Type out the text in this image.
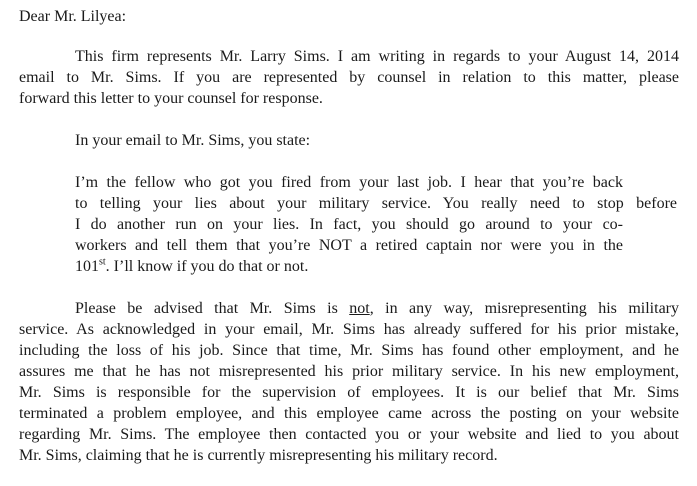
Dear Mr. Lilyea:
This firm represents Mr. Larry Sims. I am writing in regards to your August 14, 2014
email to Mr. Sims. If you are represented by counsel in relation to this matter, please
forward this letter to your counsel for response.
In your email to Mr. Sims, you state:
I’m the fellow who got you fired from your last job. I hear that you’re back
to telling your lies about your military service. You really need to stop before
I do another run on your lies. In fact, you should go around to your co-
workers and tell them that you’re NOT a retired captain nor were you in the
101st. I’ll know if you do that or not.
Please be advised that Mr. Sims is not, in any way, misrepresenting his military
service. As acknowledged in your email, Mr. Sims has already suffered for his prior mistake,
including the loss of his job. Since that time, Mr. Sims has found other employment, and he
assures me that he has not misrepresented his prior military service. In his new employment,
Mr. Sims is responsible for the supervision of employees. It is our belief that Mr. Sims
terminated a problem employee, and this employee came across the posting on your website
regarding Mr. Sims. The employee then contacted you or your website and lied to you about
Mr. Sims, claiming that he is currently misrepresenting his military record.
